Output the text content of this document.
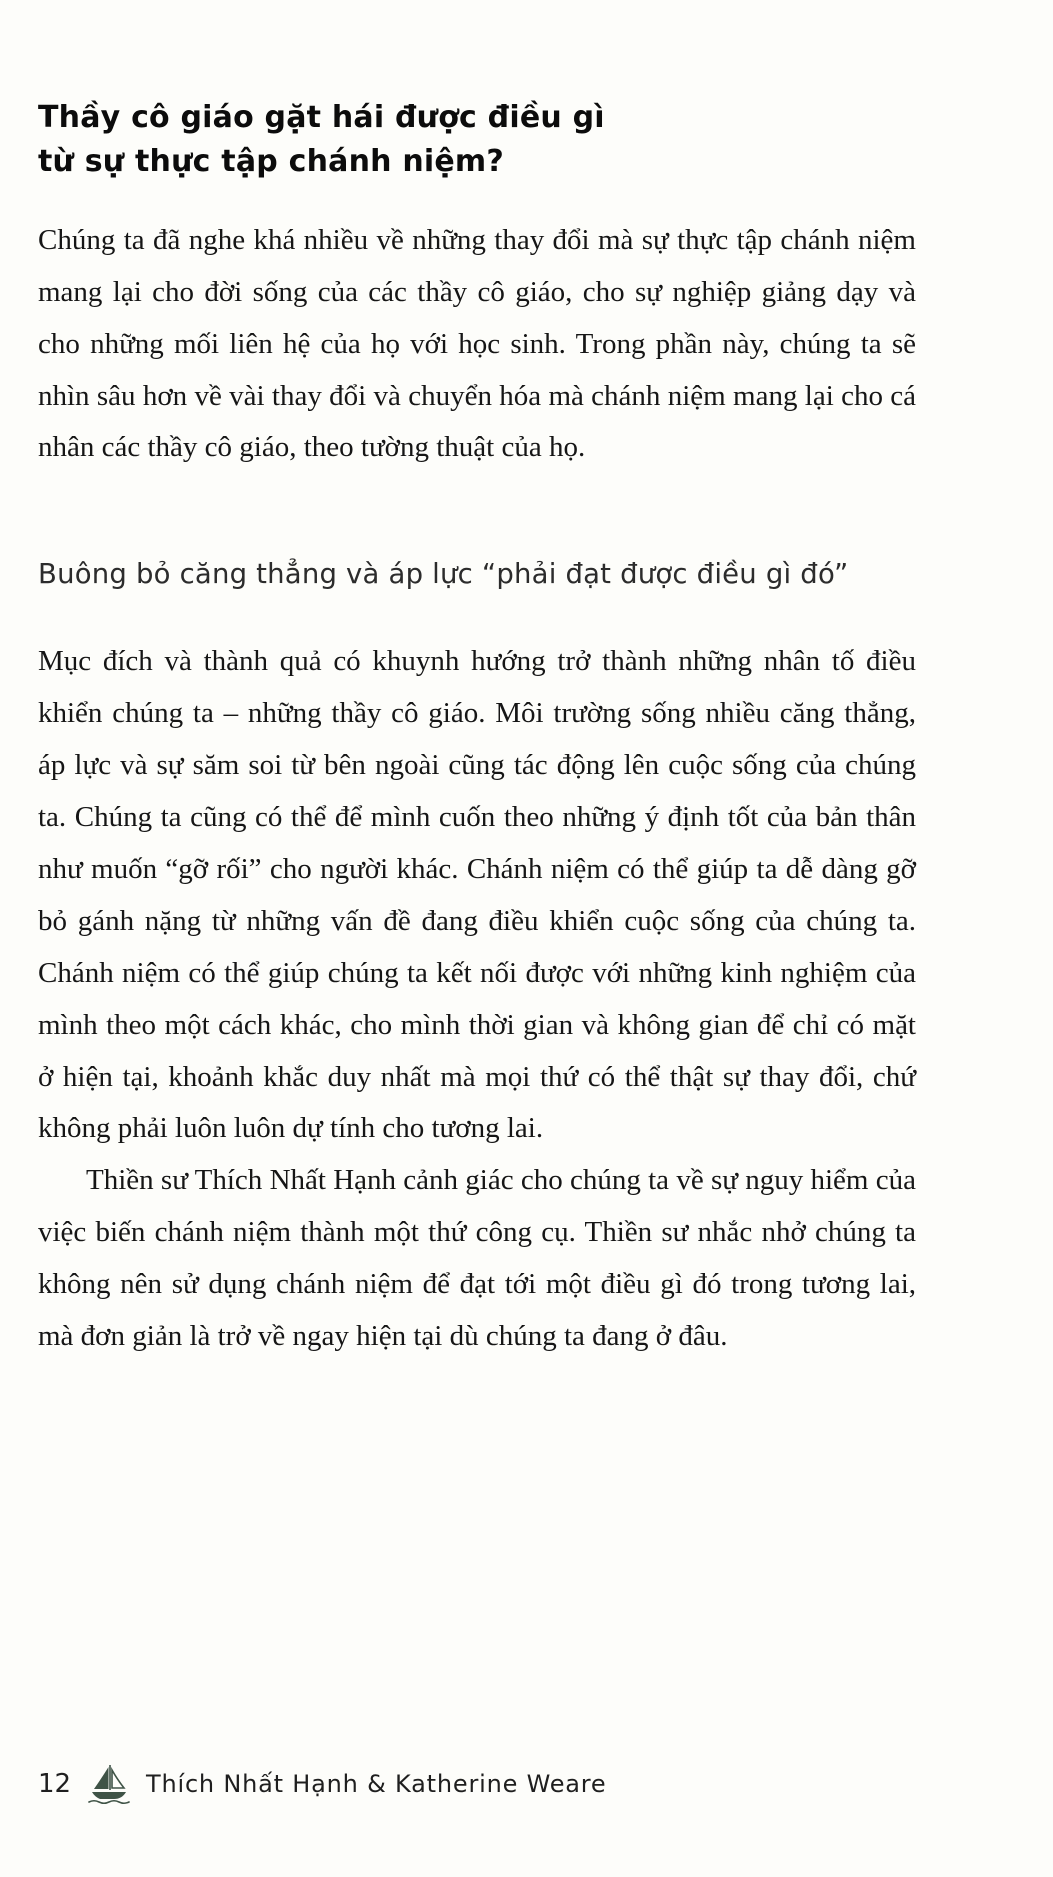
Thầy cô giáo gặt hái được điều gì
từ sự thực tập chánh niệm?

Chúng ta đã nghe khá nhiều về những thay đổi mà sự thực tập chánh niệm mang lại cho đời sống của các thầy cô giáo, cho sự nghiệp giảng dạy và cho những mối liên hệ của họ với học sinh. Trong phần này, chúng ta sẽ nhìn sâu hơn về vài thay đổi và chuyển hóa mà chánh niệm mang lại cho cá nhân các thầy cô giáo, theo tường thuật của họ.

Buông bỏ căng thẳng và áp lực “phải đạt được điều gì đó”

Mục đích và thành quả có khuynh hướng trở thành những nhân tố điều khiển chúng ta – những thầy cô giáo. Môi trường sống nhiều căng thẳng, áp lực và sự săm soi từ bên ngoài cũng tác động lên cuộc sống của chúng ta. Chúng ta cũng có thể để mình cuốn theo những ý định tốt của bản thân như muốn “gỡ rối” cho người khác. Chánh niệm có thể giúp ta dễ dàng gỡ bỏ gánh nặng từ những vấn đề đang điều khiển cuộc sống của chúng ta. Chánh niệm có thể giúp chúng ta kết nối được với những kinh nghiệm của mình theo một cách khác, cho mình thời gian và không gian để chỉ có mặt ở hiện tại, khoảnh khắc duy nhất mà mọi thứ có thể thật sự thay đổi, chứ không phải luôn luôn dự tính cho tương lai.

Thiền sư Thích Nhất Hạnh cảnh giác cho chúng ta về sự nguy hiểm của việc biến chánh niệm thành một thứ công cụ. Thiền sư nhắc nhở chúng ta không nên sử dụng chánh niệm để đạt tới một điều gì đó trong tương lai, mà đơn giản là trở về ngay hiện tại dù chúng ta đang ở đâu.

12	Thích Nhất Hạnh & Katherine Weare
